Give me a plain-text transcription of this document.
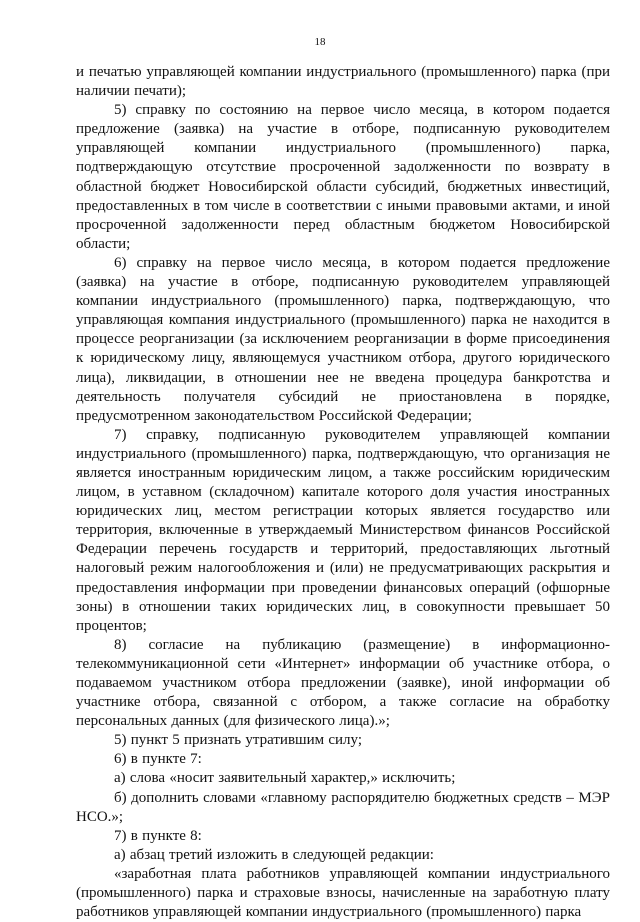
18

и печатью управляющей компании индустриального (промышленного) парка (при наличии печати);

5) справку по состоянию на первое число месяца, в котором подается предложение (заявка) на участие в отборе, подписанную руководителем управляющей компании индустриального (промышленного) парка, подтверждающую отсутствие просроченной задолженности по возврату в областной бюджет Новосибирской области субсидий, бюджетных инвестиций, предоставленных в том числе в соответствии с иными правовыми актами, и иной просроченной задолженности перед областным бюджетом Новосибирской области;

6) справку на первое число месяца, в котором подается предложение (заявка) на участие в отборе, подписанную руководителем управляющей компании индустриального (промышленного) парка, подтверждающую, что управляющая компания индустриального (промышленного) парка не находится в процессе реорганизации (за исключением реорганизации в форме присоединения к юридическому лицу, являющемуся участником отбора, другого юридического лица), ликвидации, в отношении нее не введена процедура банкротства и деятельность получателя субсидий не приостановлена в порядке, предусмотренном законодательством Российской Федерации;

7) справку, подписанную руководителем управляющей компании индустриального (промышленного) парка, подтверждающую, что организация не является иностранным юридическим лицом, а также российским юридическим лицом, в уставном (складочном) капитале которого доля участия иностранных юридических лиц, местом регистрации которых является государство или территория, включенные в утверждаемый Министерством финансов Российской Федерации перечень государств и территорий, предоставляющих льготный налоговый режим налогообложения и (или) не предусматривающих раскрытия и предоставления информации при проведении финансовых операций (офшорные зоны) в отношении таких юридических лиц, в совокупности превышает 50 процентов;

8) согласие на публикацию (размещение) в информационно-телекоммуникационной сети «Интернет» информации об участнике отбора, о подаваемом участником отбора предложении (заявке), иной информации об участнике отбора, связанной с отбором, а также согласие на обработку персональных данных (для физического лица).»;

5) пункт 5 признать утратившим силу;

6) в пункте 7:

а) слова «носит заявительный характер,» исключить;

б) дополнить словами «главному распорядителю бюджетных средств – МЭР НСО.»;

7) в пункте 8:

а) абзац третий изложить в следующей редакции:

«заработная плата работников управляющей компании индустриального (промышленного) парка и страховые взносы, начисленные на заработную плату работников управляющей компании индустриального (промышленного) парка
